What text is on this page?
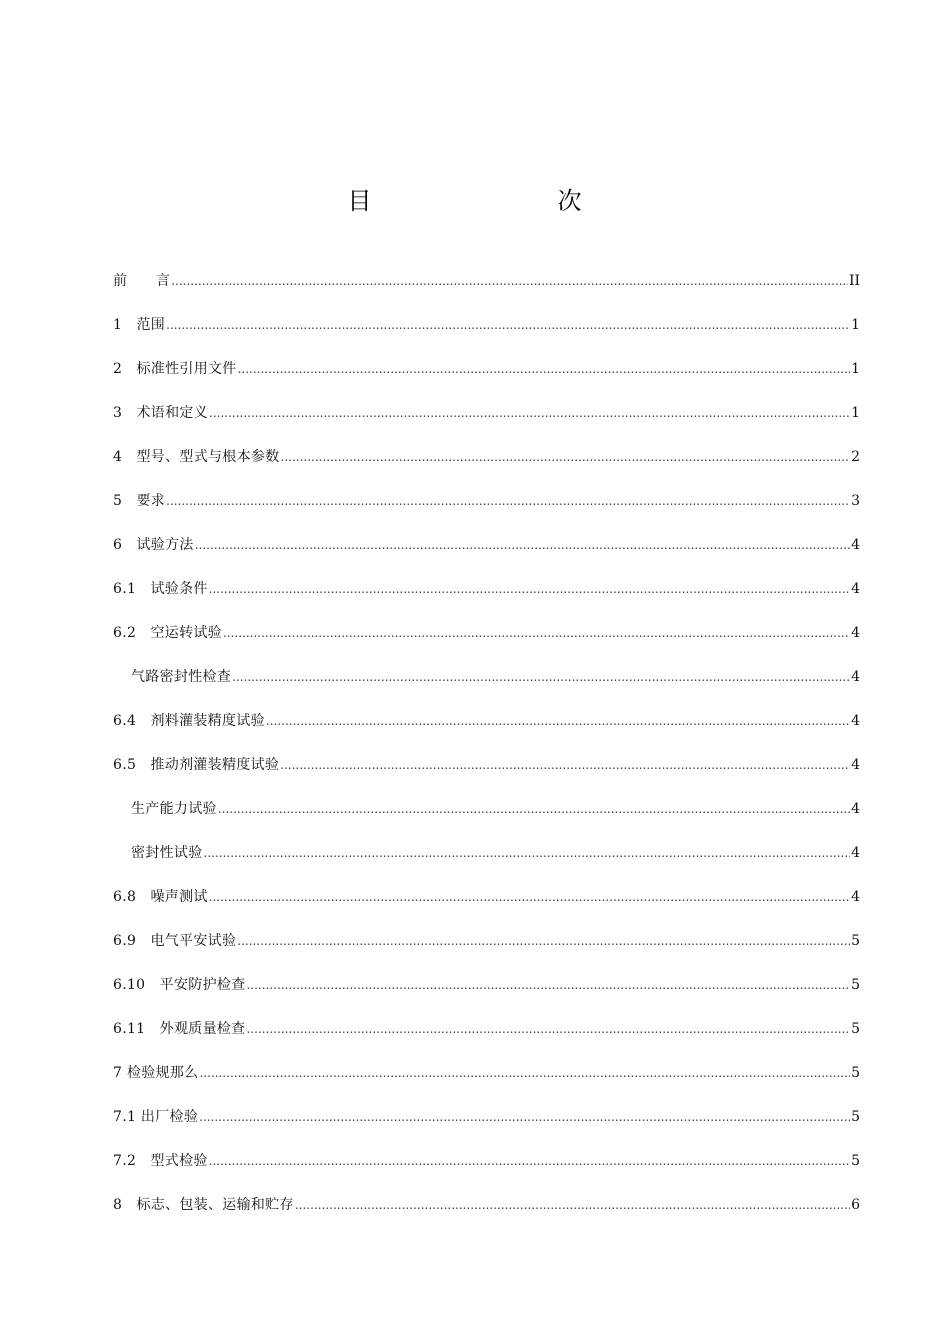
目　　次
前　　言 .....	II
1　范围 .....	1
2　标准性引用文件 .....	1
3　术语和定义 .....	1
4　型号、型式与根本参数 .....	2
5　要求 .....	3
6　试验方法 .....	4
6.1　试验条件 .....	4
6.2　空运转试验 .....	4
气路密封性检查 .....	4
6.4　剂料灌装精度试验 .....	4
6.5　推动剂灌装精度试验 .....	4
生产能力试验 .....	4
密封性试验 .....	4
6.8　噪声测试 .....	4
6.9　电气平安试验 .....	5
6.10　平安防护检查 .....	5
6.11　外观质量检查 .....	5
7 检验规那么 .....	5
7.1 出厂检验 .....	5
7.2　型式检验 .....	5
8　标志、包装、运输和贮存 .....	6
